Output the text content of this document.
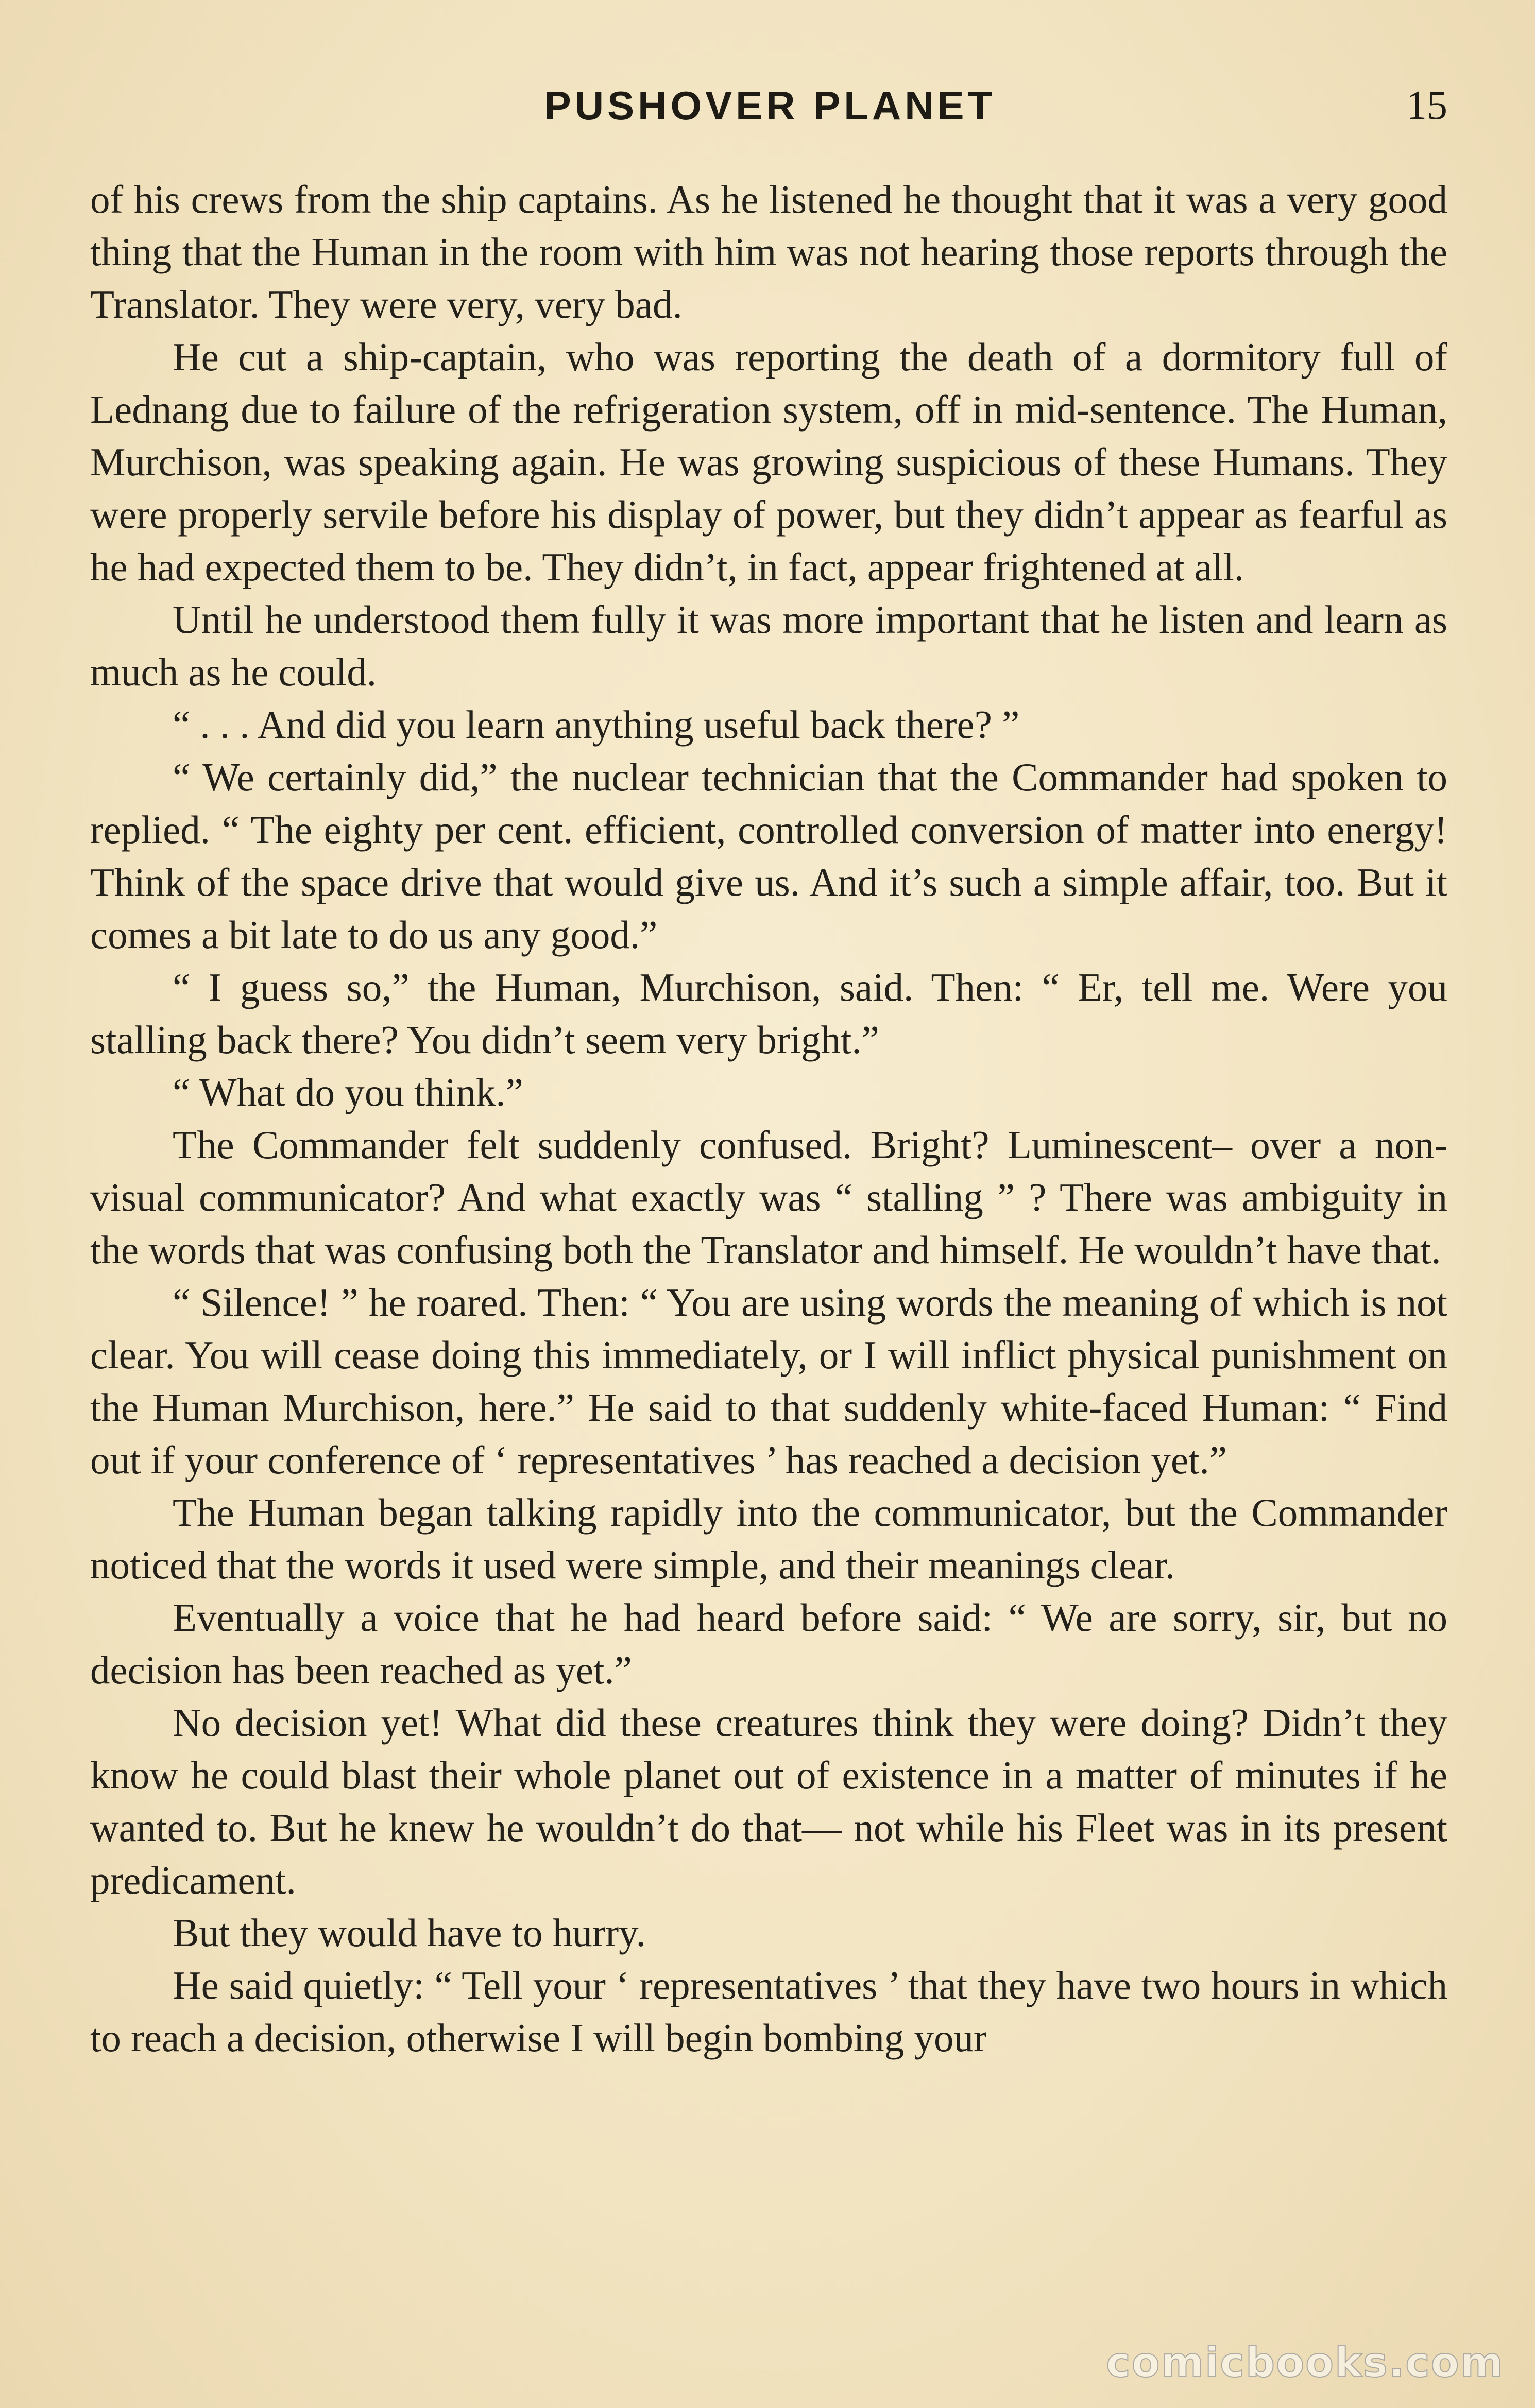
PUSHOVER PLANET	15

of his crews from the ship captains. As he listened he thought that it was a very good thing that the Human in the room with him was not hearing those reports through the Translator. They were very, very bad.

He cut a ship-captain, who was reporting the death of a dormitory full of Lednang due to failure of the refrigeration system, off in mid-sentence. The Human, Murchison, was speaking again. He was growing suspicious of these Humans. They were properly servile before his display of power, but they didn’t appear as fearful as he had expected them to be. They didn’t, in fact, appear frightened at all.

Until he understood them fully it was more important that he listen and learn as much as he could.

“ . . . And did you learn anything useful back there? ”

“ We certainly did,” the nuclear technician that the Commander had spoken to replied. “ The eighty per cent. efficient, controlled conversion of matter into energy! Think of the space drive that would give us. And it’s such a simple affair, too. But it comes a bit late to do us any good.”

“ I guess so,” the Human, Murchison, said. Then: “ Er, tell me. Were you stalling back there? You didn’t seem very bright.”

“ What do you think.”

The Commander felt suddenly confused. Bright? Luminescent– over a non-visual communicator? And what exactly was “ stalling ” ? There was ambiguity in the words that was confusing both the Translator and himself. He wouldn’t have that.

“ Silence! ” he roared. Then: “ You are using words the meaning of which is not clear. You will cease doing this immediately, or I will inflict physical punishment on the Human Murchison, here.” He said to that suddenly white-faced Human: “ Find out if your conference of ‘ representatives ’ has reached a decision yet.”

The Human began talking rapidly into the communicator, but the Commander noticed that the words it used were simple, and their meanings clear.

Eventually a voice that he had heard before said: “ We are sorry, sir, but no decision has been reached as yet.”

No decision yet! What did these creatures think they were doing? Didn’t they know he could blast their whole planet out of existence in a matter of minutes if he wanted to. But he knew he wouldn’t do that— not while his Fleet was in its present predicament.

But they would have to hurry.

He said quietly: “ Tell your ‘ representatives ’ that they have two hours in which to reach a decision, otherwise I will begin bombing your

comicbooks.com
